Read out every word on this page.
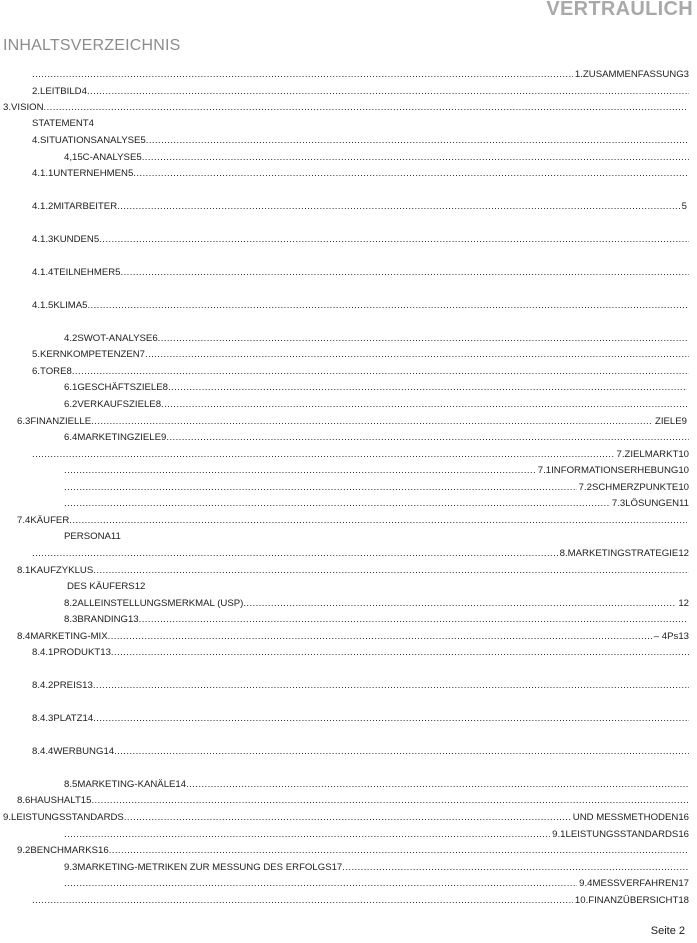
VERTRAULICH
INHALTSVERZEICHNIS
.....
1.ZUSAMMENFASSUNG3
2.LEITBILD4
.....
3.VISION
.....
STATEMENT4
4.SITUATIONSANALYSE5
.....
4,15C-ANALYSE5
.....
4.1.1UNTERNEHMEN5
.....
4.1.2MITARBEITER .....	5
4.1.3KUNDEN5
.....
4.1.4TEILNEHMER5
.....
4.1.5KLIMA5
.....
4.2SWOT-ANALYSE6
.....
5.KERNKOMPETENZEN7
.....
6.TORE8
.....
6.1GESCHÄFTSZIELE8
.....
6.2VERKAUFSZIELE8
.....
6.3FINANZIELLE .....	ZIELE9
6.4MARKETINGZIELE9
.....
.....
7.ZIELMARKT10
.....
7.1INFORMATIONSERHEBUNG10
.....
7.2SCHMERZPUNKTE10
.....
7.3LÖSUNGEN11
7.4KÄUFER
.....
PERSONA11
.....
8.MARKETINGSTRATEGIE12
8.1KAUFZYKLUS
.....
DES KÄUFERS12
8.2ALLEINSTELLUNGSMERKMAL (USP) .....	12
8.3BRANDING13
.....
8.4MARKETING-MIX .....	– 4Ps13
8.4.1PRODUKT13
.....
8.4.2PREIS13
.....
8.4.3PLATZ14
.....
8.4.4WERBUNG14
.....
8.5MARKETING-KANÄLE14
.....
8.6HAUSHALT15
.....
9.LEISTUNGSSTANDARDS .....	UND MESSMETHODEN16
.....
9.1LEISTUNGSSTANDARDS16
9.2BENCHMARKS16
.....
9.3MARKETING-METRIKEN ZUR MESSUNG DES ERFOLGS17
.....
.....
9.4MESSVERFAHREN17
.....
10.FINANZÜBERSICHT18
Seite 2
